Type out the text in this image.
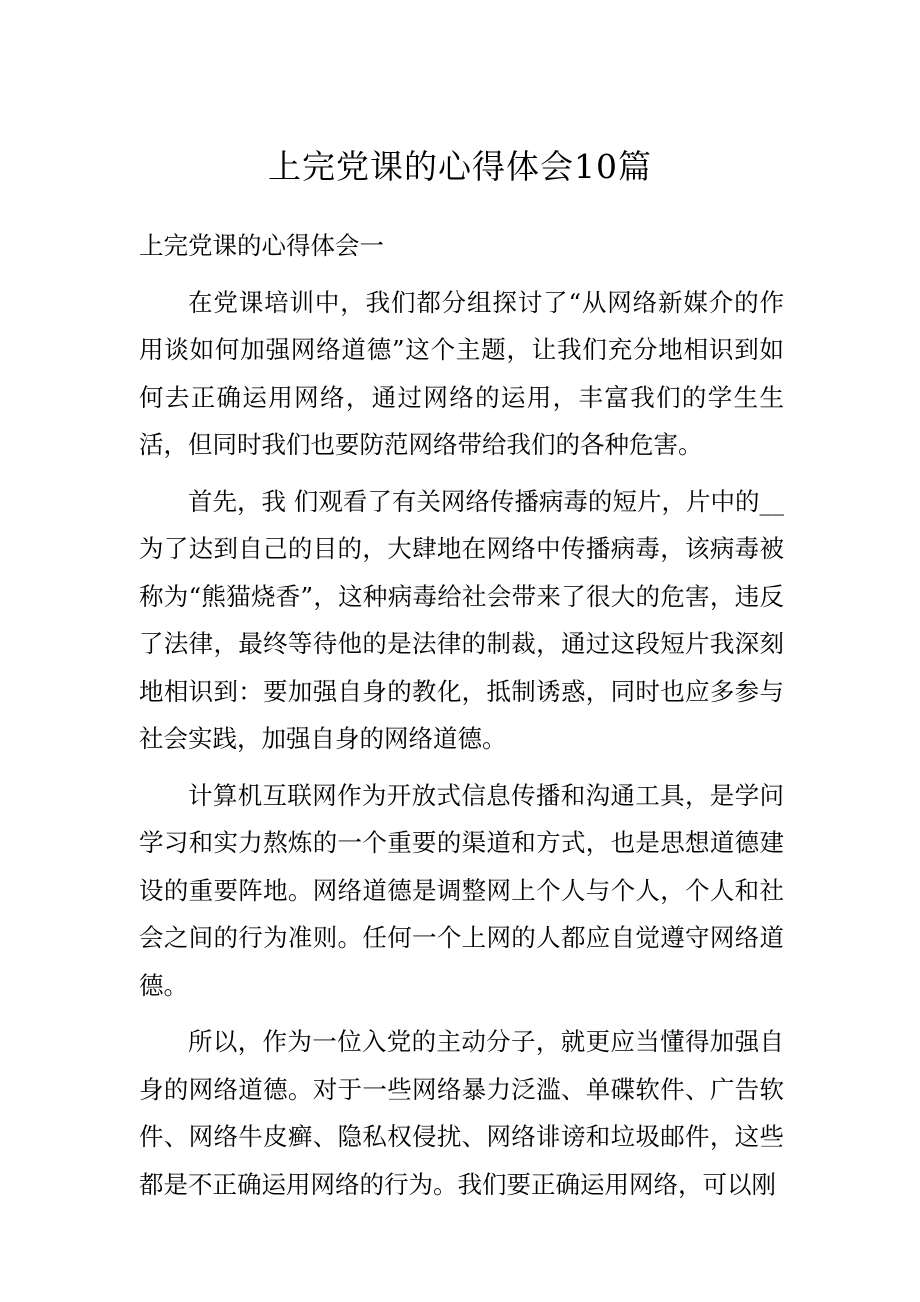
上完党课的心得体会10篇

上完党课的心得体会一

在党课培训中，我们都分组探讨了“从网络新媒介的作用谈如何加强网络道德”这个主题，让我们充分地相识到如何去正确运用网络，通过网络的运用，丰富我们的学生生活，但同时我们也要防范网络带给我们的各种危害。

首先，我 们观看了有关网络传播病毒的短片，片中的__为了达到自己的目的，大肆地在网络中传播病毒，该病毒被称为“熊猫烧香”，这种病毒给社会带来了很大的危害，违反了法律，最终等待他的是法律的制裁，通过这段短片我深刻地相识到：要加强自身的教化，抵制诱惑，同时也应多参与社会实践，加强自身的网络道德。

计算机互联网作为开放式信息传播和沟通工具，是学问学习和实力熬炼的一个重要的渠道和方式，也是思想道德建设的重要阵地。网络道德是调整网上个人与个人，个人和社会之间的行为准则。任何一个上网的人都应自觉遵守网络道德。

所以，作为一位入党的主动分子，就更应当懂得加强自身的网络道德。对于一些网络暴力泛滥、单碟软件、广告软件、网络牛皮癣、隐私权侵扰、网络诽谤和垃圾邮件，这些都是不正确运用网络的行为。我们要正确运用网络，可以刚
